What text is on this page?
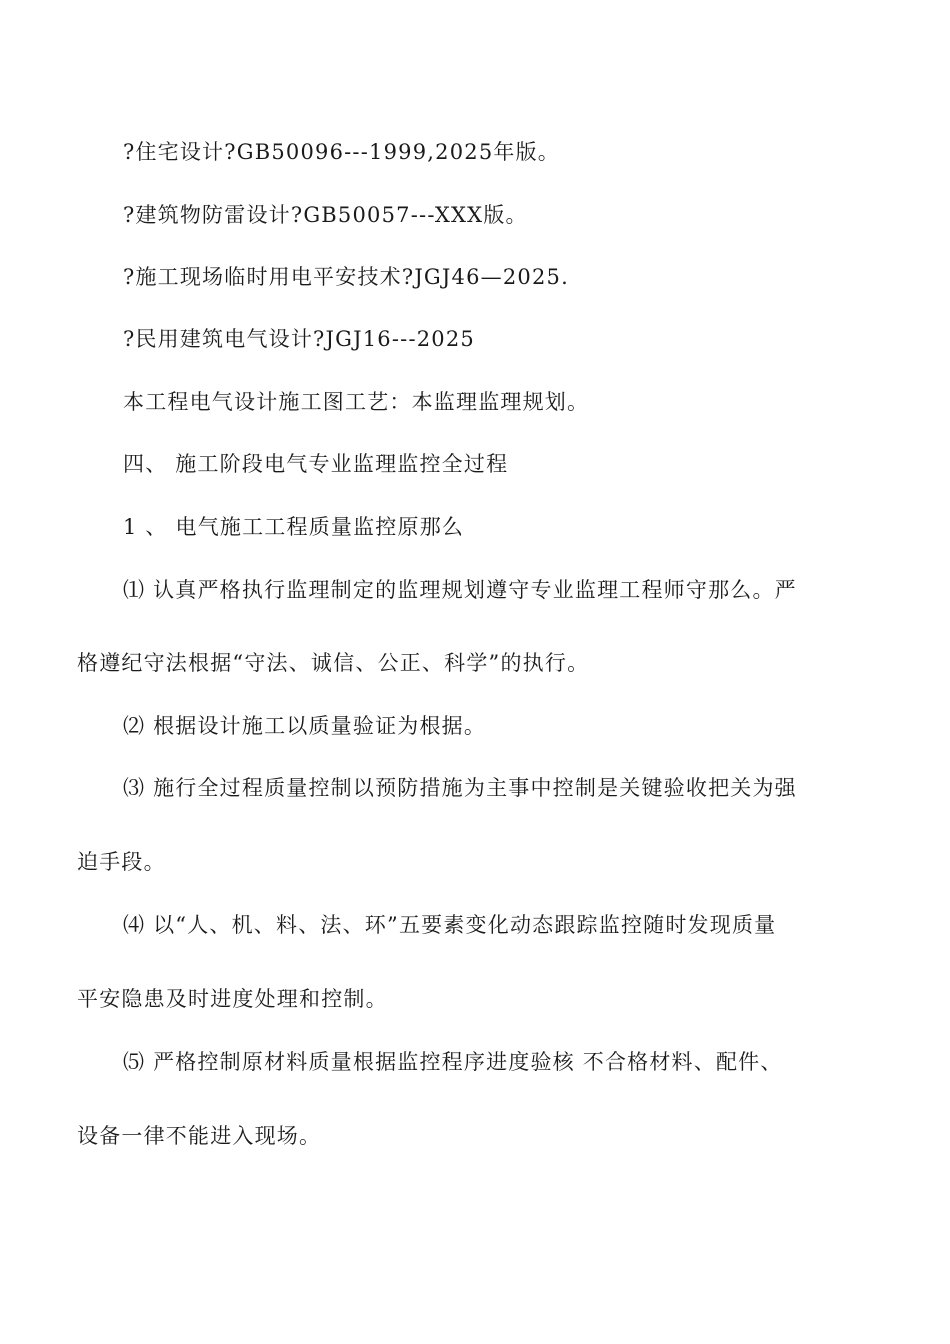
?住宅设计?GB50096---1999,2025年版。
?建筑物防雷设计?GB50057---XXX版。
?施工现场临时用电平安技术?JGJ46—2025.
?民用建筑电气设计?JGJ16---2025
本工程电气设计施工图工艺：本监理监理规划。
四、 施工阶段电气专业监理监控全过程
1 、 电气施工工程质量监控原那么
⑴ 认真严格执行监理制定的监理规划遵守专业监理工程师守那么。严
格遵纪守法根据“守法、诚信、公正、科学”的执行。
⑵ 根据设计施工以质量验证为根据。
⑶ 施行全过程质量控制以预防措施为主事中控制是关键验收把关为强
迫手段。
⑷ 以“人、机、料、法、环”五要素变化动态跟踪监控随时发现质量
平安隐患及时进度处理和控制。
⑸ 严格控制原材料质量根据监控程序进度验核 不合格材料、配件、
设备一律不能进入现场。
